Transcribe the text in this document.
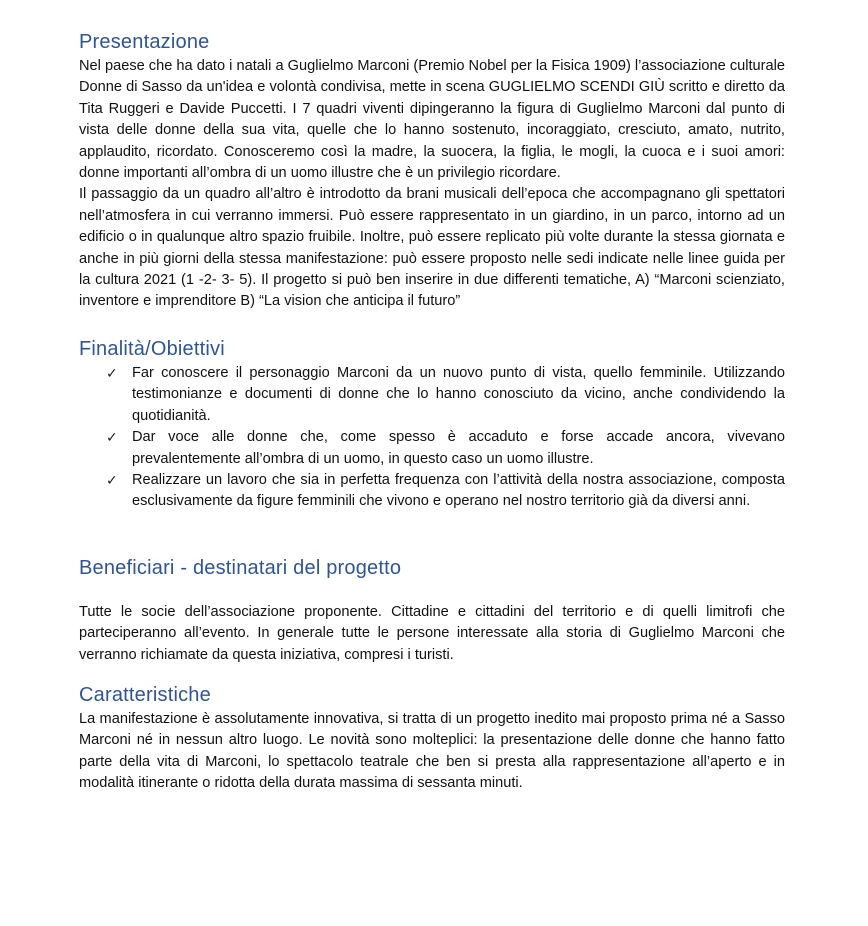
Presentazione

Nel paese che ha dato i natali a Guglielmo Marconi (Premio Nobel per la Fisica 1909) l’associazione culturale Donne di Sasso da un'idea e volontà condivisa, mette in scena GUGLIELMO SCENDI GIÙ scritto e diretto da Tita Ruggeri e Davide Puccetti. I 7 quadri viventi dipingeranno la figura di Guglielmo Marconi dal punto di vista delle donne della sua vita, quelle che lo hanno sostenuto, incoraggiato, cresciuto, amato, nutrito, applaudito, ricordato. Conosceremo così la madre, la suocera, la figlia, le mogli, la cuoca e i suoi amori: donne importanti all’ombra di un uomo illustre che è un privilegio ricordare.

Il passaggio da un quadro all’altro è introdotto da brani musicali dell’epoca che accompagnano gli spettatori nell’atmosfera in cui verranno immersi. Può essere rappresentato in un giardino, in un parco, intorno ad un edificio o in qualunque altro spazio fruibile. Inoltre, può essere replicato più volte durante la stessa giornata e anche in più giorni della stessa manifestazione: può essere proposto nelle sedi indicate nelle linee guida per la cultura 2021 (1 -2- 3- 5). Il progetto si può ben inserire in due differenti tematiche, A) “Marconi scienziato, inventore e imprenditore B) “La vision che anticipa il futuro”

Finalità/Obiettivi
✓ Far conoscere il personaggio Marconi da un nuovo punto di vista, quello femminile. Utilizzando testimonianze e documenti di donne che lo hanno conosciuto da vicino, anche condividendo la quotidianità.
✓ Dar voce alle donne che, come spesso è accaduto e forse accade ancora, vivevano prevalentemente all’ombra di un uomo, in questo caso un uomo illustre.
✓ Realizzare un lavoro che sia in perfetta frequenza con l’attività della nostra associazione, composta esclusivamente da figure femminili che vivono e operano nel nostro territorio già da diversi anni.
Beneficiari - destinatari del progetto

Tutte le socie dell’associazione proponente. Cittadine e cittadini del territorio e di quelli limitrofi che parteciperanno all’evento. In generale tutte le persone interessate alla storia di Guglielmo Marconi che verranno richiamate da questa iniziativa, compresi i turisti.

Caratteristiche

La manifestazione è assolutamente innovativa, si tratta di un progetto inedito mai proposto prima né a Sasso Marconi né in nessun altro luogo. Le novità sono molteplici: la presentazione delle donne che hanno fatto parte della vita di Marconi, lo spettacolo teatrale che ben si presta alla rappresentazione all’aperto e in modalità itinerante o ridotta della durata massima di sessanta minuti.
